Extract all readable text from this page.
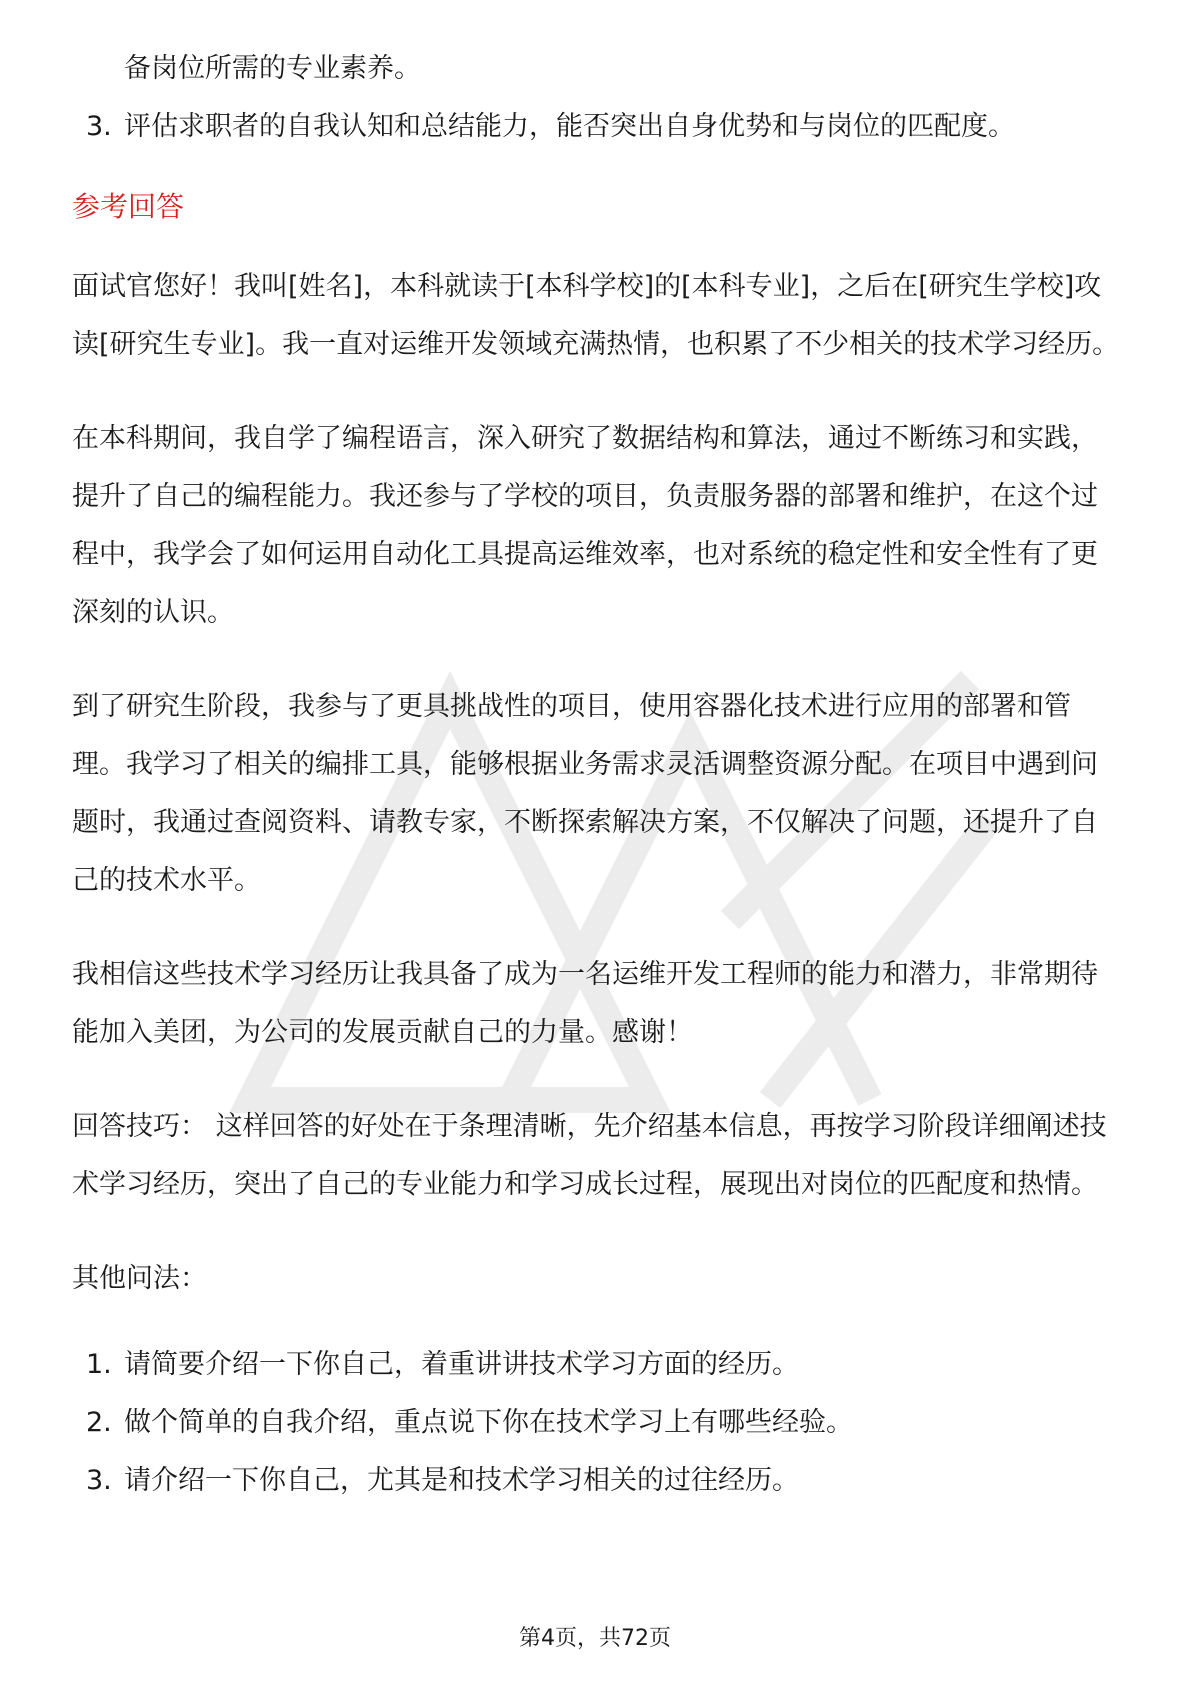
备岗位所需的专业素养。

3. 评估求职者的自我认知和总结能力，能否突出自身优势和与岗位的匹配度。

参考回答

面试官您好！我叫[姓名]，本科就读于[本科学校]的[本科专业]，之后在[研究生学校]攻读[研究生专业]。我一直对运维开发领域充满热情，也积累了不少相关的技术学习经历。

在本科期间，我自学了编程语言，深入研究了数据结构和算法，通过不断练习和实践，提升了自己的编程能力。我还参与了学校的项目，负责服务器的部署和维护，在这个过程中，我学会了如何运用自动化工具提高运维效率，也对系统的稳定性和安全性有了更深刻的认识。

到了研究生阶段，我参与了更具挑战性的项目，使用容器化技术进行应用的部署和管理。我学习了相关的编排工具，能够根据业务需求灵活调整资源分配。在项目中遇到问题时，我通过查阅资料、请教专家，不断探索解决方案，不仅解决了问题，还提升了自己的技术水平。

我相信这些技术学习经历让我具备了成为一名运维开发工程师的能力和潜力，非常期待能加入美团，为公司的发展贡献自己的力量。感谢！

回答技巧： 这样回答的好处在于条理清晰，先介绍基本信息，再按学习阶段详细阐述技术学习经历，突出了自己的专业能力和学习成长过程，展现出对岗位的匹配度和热情。

其他问法：

1. 请简要介绍一下你自己，着重讲讲技术学习方面的经历。
2. 做个简单的自我介绍，重点说下你在技术学习上有哪些经验。
3. 请介绍一下你自己，尤其是和技术学习相关的过往经历。
第4页，共72页
